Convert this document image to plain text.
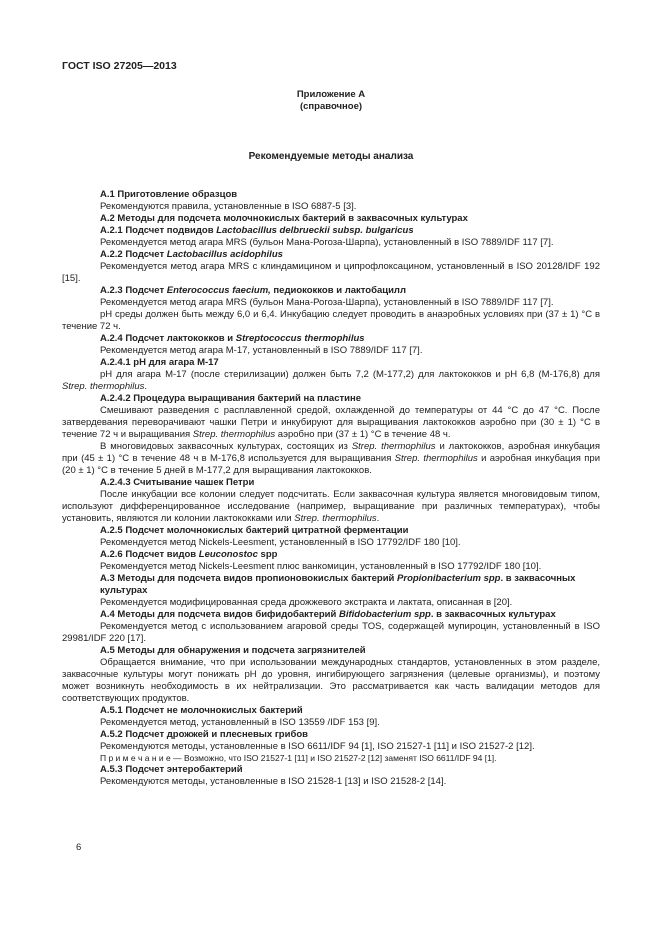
ГОСТ ISO 27205—2013
Приложение А
(справочное)
Рекомендуемые методы анализа
А.1 Приготовление образцов
Рекомендуются правила, установленные в ISO 6887-5 [3].
А.2 Методы для подсчета молочнокислых бактерий в заквасочных культурах
А.2.1 Подсчет подвидов Lactobacillus delbrueckii subsp. bulgaricus
Рекомендуется метод агара MRS (бульон Мана-Рогоза-Шарпа), установленный в ISO 7889/IDF 117 [7].
А.2.2 Подсчет Lactobacillus acidophilus
Рекомендуется метод агара MRS с клиндамицином и ципрофлоксацином, установленный в ISO 20128/IDF 192 [15].
А.2.3 Подсчет Enterococcus faecium, педиококков и лактобацилл
Рекомендуется метод агара MRS (бульон Мана-Рогоза-Шарпа), установленный в ISO 7889/IDF 117 [7].
pH среды должен быть между 6,0 и 6,4. Инкубацию следует проводить в анаэробных условиях при (37 ± 1) °С в течение 72 ч.
А.2.4 Подсчет лактококков и Streptococcus thermophilus
Рекомендуется метод агара М-17, установленный в ISO 7889/IDF 117 [7].
А.2.4.1 pH для агара М-17
pH для агара М-17 (после стерилизации) должен быть 7,2 (М-177,2) для лактококков и pH 6,8 (М-176,8) для Strep. thermophilus.
А.2.4.2 Процедура выращивания бактерий на пластине
Смешивают разведения с расплавленной средой, охлажденной до температуры от 44 °С до 47 °С. После затвердевания переворачивают чашки Петри и инкубируют для выращивания лактококков аэробно при (30 ± 1) °С в течение 72 ч и выращивания Strep. thermophilus аэробно при (37 ± 1) °С в течение 48 ч.
В многовидовых заквасочных культурах, состоящих из Strep. thermophilus и лактококков, аэробная инкубация при (45 ± 1) °С в течение 48 ч в М-176,8 используется для выращивания Strep. thermophilus и аэробная инкубация при (20 ± 1) °С в течение 5 дней в М-177,2 для выращивания лактококков.
А.2.4.3 Считывание чашек Петри
После инкубации все колонии следует подсчитать. Если заквасочная культура является многовидовым типом, используют дифференцированное исследование (например, выращивание при различных температурах), чтобы установить, являются ли колонии лактококками или Strep. thermophilus.
А.2.5 Подсчет молочнокислых бактерий цитратной ферментации
Рекомендуется метод Nickels-Leesment, установленный в ISO 17792/IDF 180 [10].
А.2.6 Подсчет видов Leuconostoc spp
Рекомендуется метод Nickels-Leesment плюс ванкомицин, установленный в ISO 17792/IDF 180 [10].
А.3 Методы для подсчета видов пропионовокислых бактерий Propionibacterium spp. в заквасочных культурах
Рекомендуется модифицированная среда дрожжевого экстракта и лактата, описанная в [20].
А.4 Методы для подсчета видов бифидобактерий Bifidobacterium spp. в заквасочных культурах
Рекомендуется метод с использованием агаровой среды TOS, содержащей мупироцин, установленный в ISO 29981/IDF 220 [17].
А.5 Методы для обнаружения и подсчета загрязнителей
Обращается внимание, что при использовании международных стандартов, установленных в этом разделе, заквасочные культуры могут понижать pH до уровня, ингибирующего загрязнения (целевые организмы), и поэтому может возникнуть необходимость в их нейтрализации. Это рассматривается как часть валидации методов для соответствующих продуктов.
А.5.1 Подсчет не молочнокислых бактерий
Рекомендуется метод, установленный в ISO 13559 /IDF 153 [9].
А.5.2 Подсчет дрожжей и плесневых грибов
Рекомендуются методы, установленные в ISO 6611/IDF 94 [1], ISO 21527-1 [11] и ISO 21527-2 [12].
П р и м е ч а н и е — Возможно, что ISO 21527-1 [11] и ISO 21527-2 [12] заменят ISO 6611/IDF 94 [1].
А.5.3 Подсчет энтеробактерий
Рекомендуются методы, установленные в ISO 21528-1 [13] и ISO 21528-2 [14].
6
